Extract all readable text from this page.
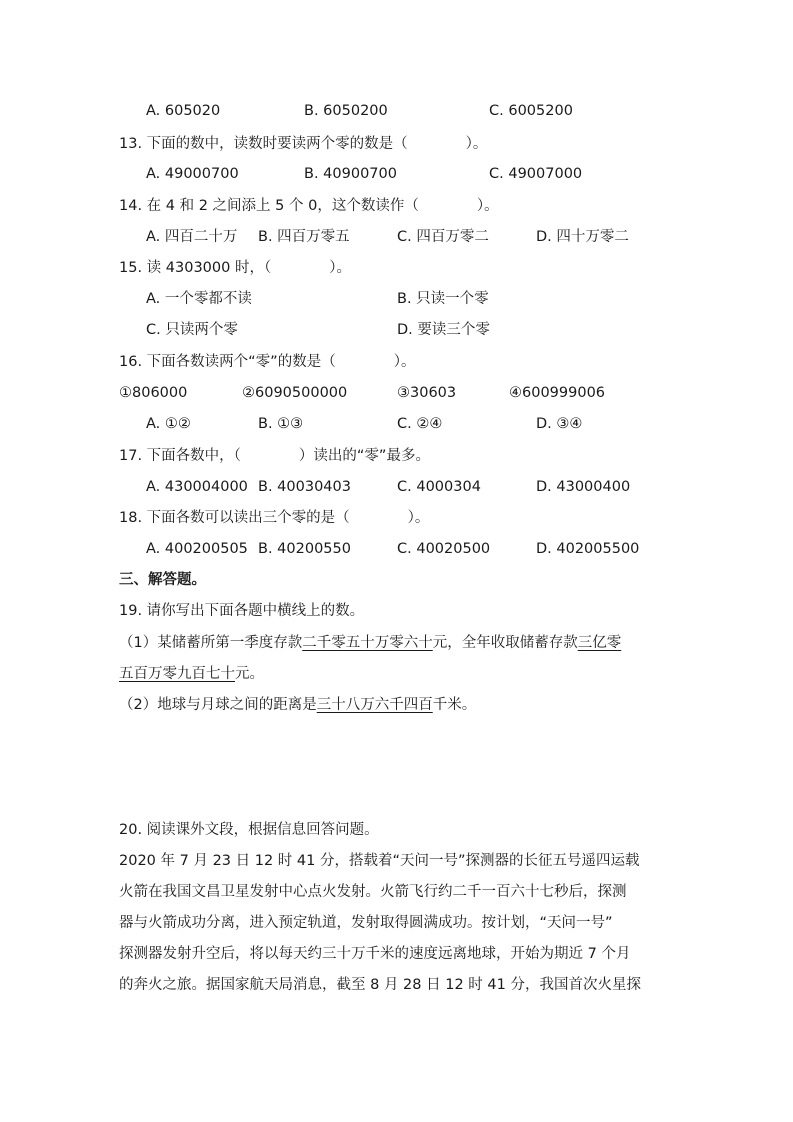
A. 605020	B. 6050200	C. 6005200
13. 下面的数中，读数时要读两个零的数是（　　　　）。
A. 49000700	B. 40900700	C. 49007000
14. 在 4 和 2 之间添上 5 个 0，这个数读作（　　　　）。
A. 四百二十万 B. 四百万零五	C. 四百万零二	D. 四十万零二
15. 读 4303000 时，（　　　　）。
A. 一个零都不读	B. 只读一个零
C. 只读两个零	D. 要读三个零
16. 下面各数读两个“零”的数是（　　　　）。
①806000	②6090500000	③30603	④600999006
A. ①②	B. ①③	C. ②④	D. ③④
17. 下面各数中，（　　　　）读出的“零”最多。
A. 430004000 B. 40030403	C. 4000304	D. 43000400
18. 下面各数可以读出三个零的是（　　　　）。
A. 400200505 B. 40200550	C. 40020500	D. 402005500
三、解答题。
19. 请你写出下面各题中横线上的数。
（1）某储蓄所第一季度存款二千零五十万零六十元，全年收取储蓄存款三亿零
五百万零九百七十元。
（2）地球与月球之间的距离是三十八万六千四百千米。
20. 阅读课外文段，根据信息回答问题。
2020 年 7 月 23 日 12 时 41 分，搭载着“天问一号”探测器的长征五号遥四运载
火箭在我国文昌卫星发射中心点火发射。火箭飞行约二千一百六十七秒后，探测
器与火箭成功分离，进入预定轨道，发射取得圆满成功。按计划，“天问一号”
探测器发射升空后，将以每天约三十万千米的速度远离地球，开始为期近 7 个月
的奔火之旅。据国家航天局消息，截至 8 月 28 日 12 时 41 分，我国首次火星探
